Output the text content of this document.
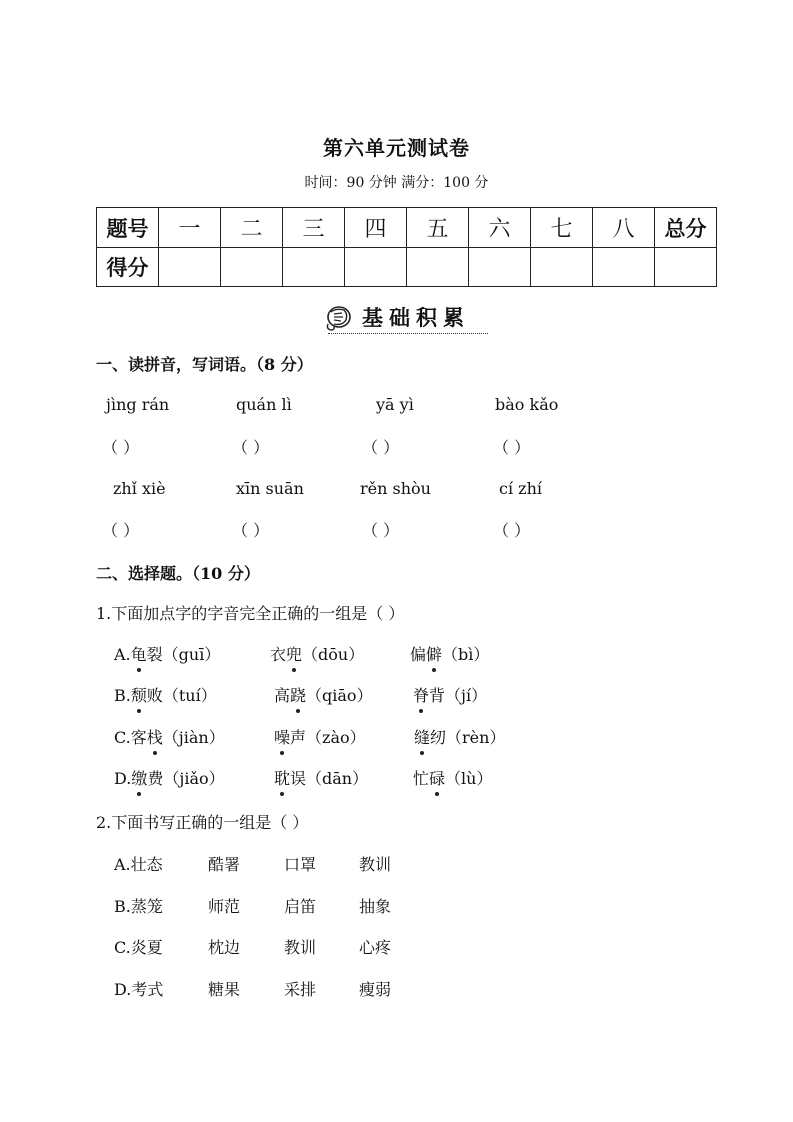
第六单元测试卷
时间：90 分钟 满分：100 分
题号	一	二	三	四	五	六	七	八	总分
得分									
基础积累
一、读拼音，写词语。（8 分）
jìng rán	quán lì	yā yì	bào kǎo
（ ）	（ ）	（ ）	（ ）
zhǐ xiè	xīn suān	rěn shòu	cí zhí
（ ）	（ ）	（ ）	（ ）
二、选择题。（10 分）
1.下面加点字的字音完全正确的一组是（ ）
A.龟裂（guī）	衣兜（dōu）	偏僻（bì）
B.颓败（tuí）	高跷（qiāo）	脊背（jí）
C.客栈（jiàn）	噪声（zào）	缝纫（rèn）
D.缴费（jiǎo）	耽误（dān）	忙碌（lù）
2.下面书写正确的一组是（ ）
A.壮态	酷署	口罩	教训
B.蒸笼	师范	启笛	抽象
C.炎夏	枕边	教训	心疼
D.考式	糖果	采排	瘦弱
